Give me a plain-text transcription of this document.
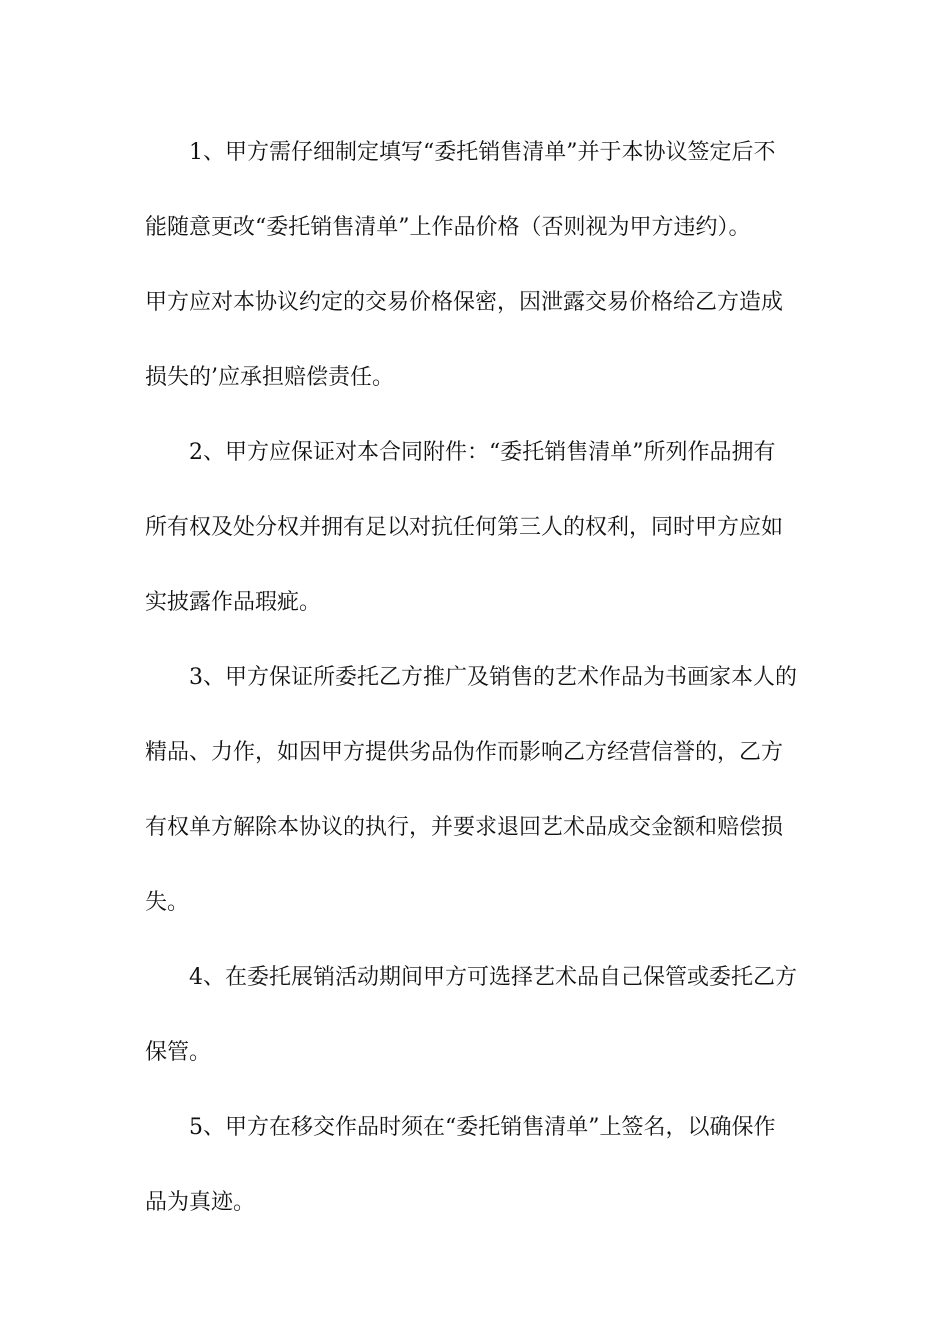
1、甲方需仔细制定填写“委托销售清单”并于本协议签定后不
能随意更改“委托销售清单”上作品价格（否则视为甲方违约）。
甲方应对本协议约定的交易价格保密，因泄露交易价格给乙方造成
损失的’应承担赔偿责任。
2、甲方应保证对本合同附件：“委托销售清单”所列作品拥有
所有权及处分权并拥有足以对抗任何第三人的权利，同时甲方应如
实披露作品瑕疵。
3、甲方保证所委托乙方推广及销售的艺术作品为书画家本人的
精品、力作，如因甲方提供劣品伪作而影响乙方经营信誉的，乙方
有权单方解除本协议的执行，并要求退回艺术品成交金额和赔偿损
失。
4、在委托展销活动期间甲方可选择艺术品自己保管或委托乙方
保管。
5、甲方在移交作品时须在“委托销售清单”上签名，以确保作
品为真迹。
